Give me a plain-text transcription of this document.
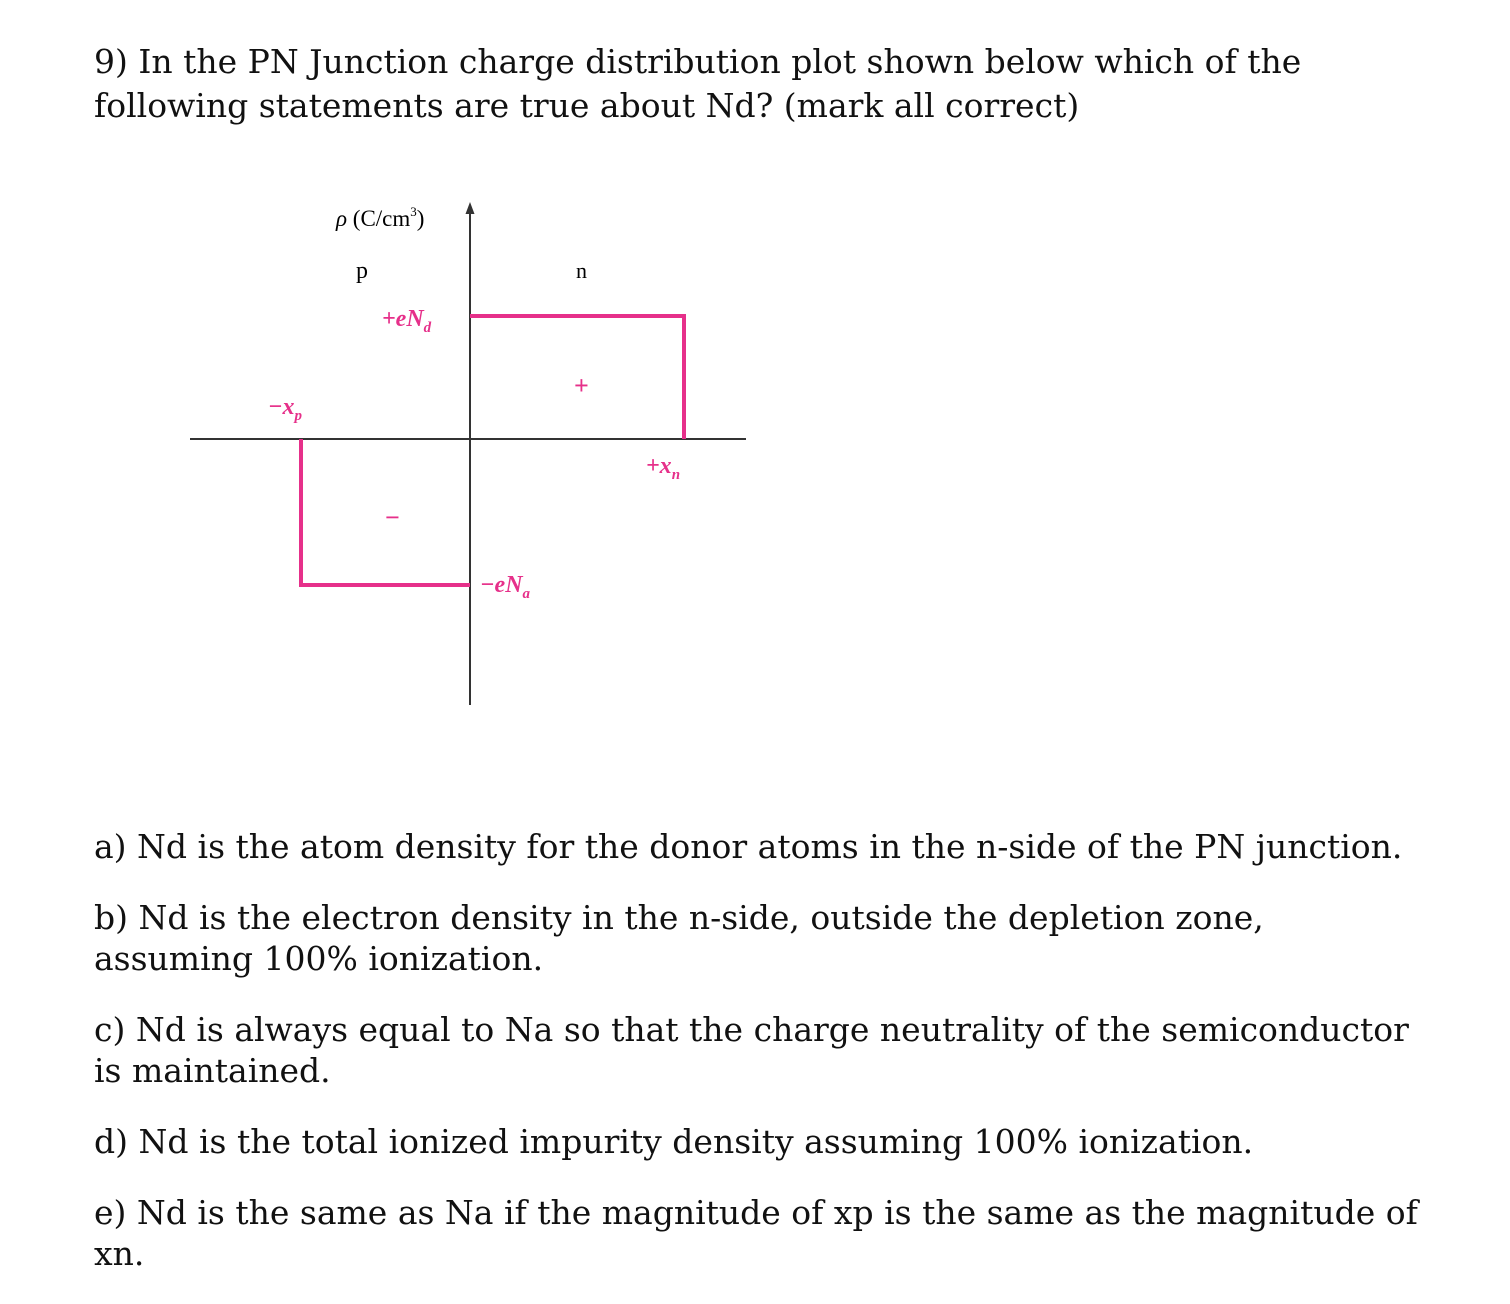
9) In the PN Junction charge distribution plot shown below which of the following statements are true about Nd? (mark all correct)

ρ $(C/cm^3)$
p	n
$+eN_d$
+
$-x_p$
$+x_n$
−
$-eN_a$

a) Nd is the atom density for the donor atoms in the n-side of the PN junction.

b) Nd is the electron density in the n-side, outside the depletion zone, assuming 100% ionization.

c) Nd is always equal to Na so that the charge neutrality of the semiconductor is maintained.

d) Nd is the total ionized impurity density assuming 100% ionization.

e) Nd is the same as Na if the magnitude of xp is the same as the magnitude of xn.
